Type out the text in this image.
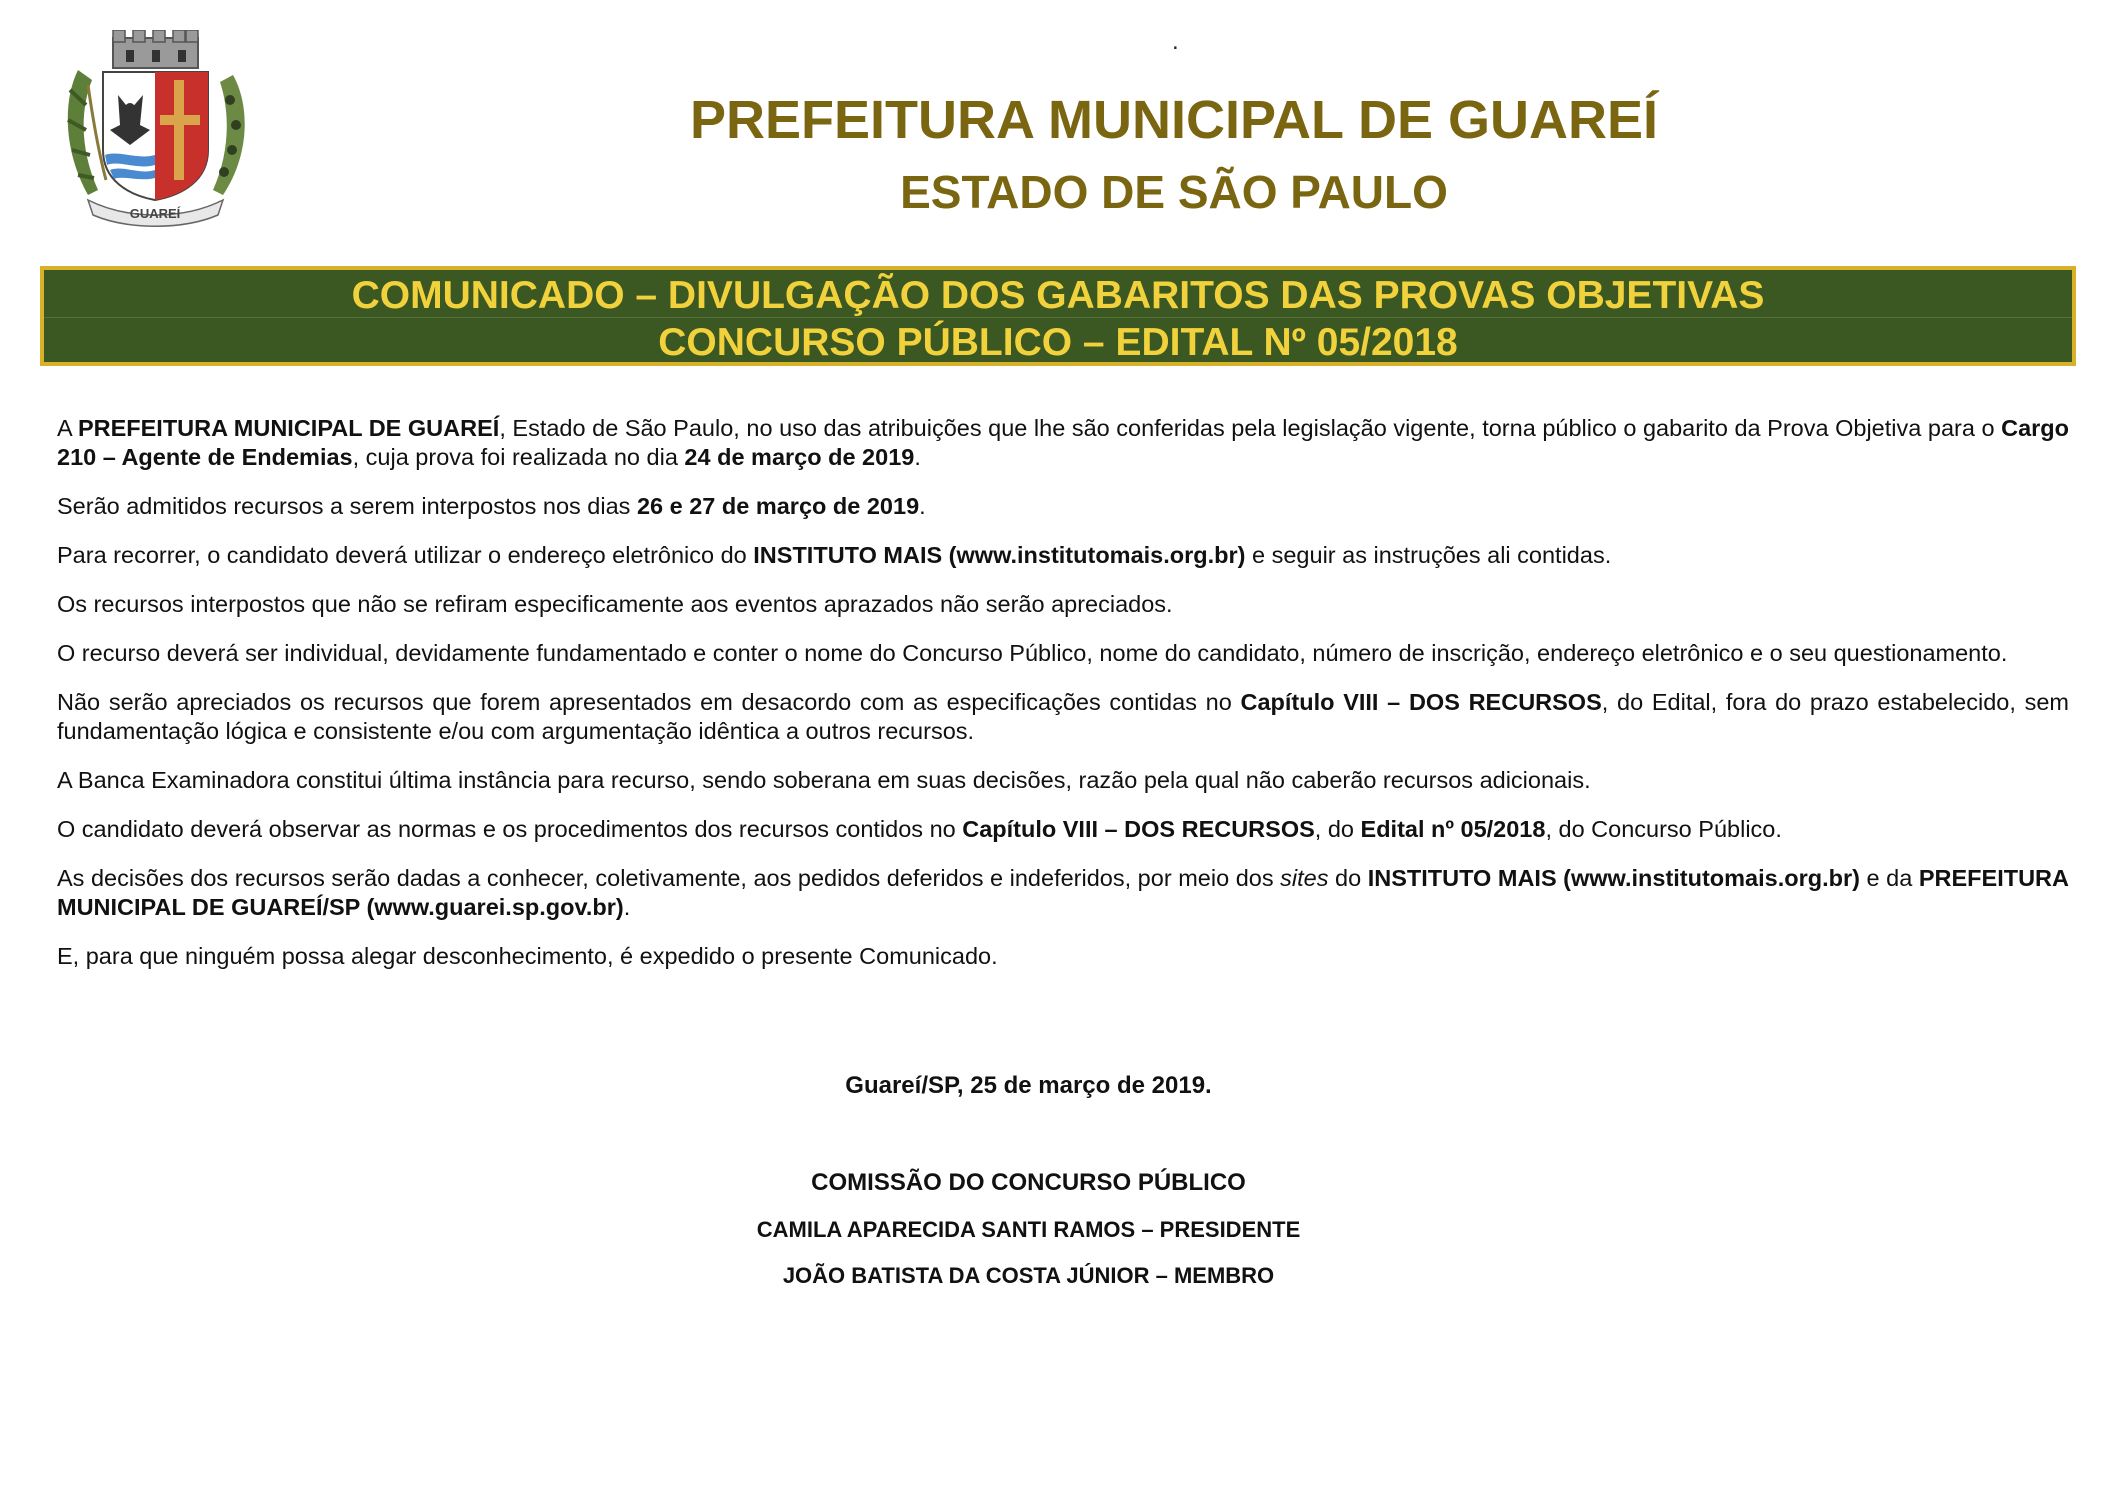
.
GUAREÍ
PREFEITURA MUNICIPAL DE GUAREÍ
ESTADO DE SÃO PAULO
COMUNICADO – DIVULGAÇÃO DOS GABARITOS DAS PROVAS OBJETIVAS
CONCURSO PÚBLICO – EDITAL Nº 05/2018

A PREFEITURA MUNICIPAL DE GUAREÍ, Estado de São Paulo, no uso das atribuições que lhe são conferidas pela legislação vigente, torna público o gabarito da Prova Objetiva para o Cargo 210 – Agente de Endemias, cuja prova foi realizada no dia 24 de março de 2019.

Serão admitidos recursos a serem interpostos nos dias 26 e 27 de março de 2019.

Para recorrer, o candidato deverá utilizar o endereço eletrônico do INSTITUTO MAIS (www.institutomais.org.br) e seguir as instruções ali contidas.

Os recursos interpostos que não se refiram especificamente aos eventos aprazados não serão apreciados.

O recurso deverá ser individual, devidamente fundamentado e conter o nome do Concurso Público, nome do candidato, número de inscrição, endereço eletrônico e o seu questionamento.

Não serão apreciados os recursos que forem apresentados em desacordo com as especificações contidas no Capítulo VIII – DOS RECURSOS, do Edital, fora do prazo estabelecido, sem fundamentação lógica e consistente e/ou com argumentação idêntica a outros recursos.

A Banca Examinadora constitui última instância para recurso, sendo soberana em suas decisões, razão pela qual não caberão recursos adicionais.

O candidato deverá observar as normas e os procedimentos dos recursos contidos no Capítulo VIII – DOS RECURSOS, do Edital nº 05/2018, do Concurso Público.

As decisões dos recursos serão dadas a conhecer, coletivamente, aos pedidos deferidos e indeferidos, por meio dos sites do INSTITUTO MAIS (www.institutomais.org.br) e da PREFEITURA MUNICIPAL DE GUAREÍ/SP (www.guarei.sp.gov.br).

E, para que ninguém possa alegar desconhecimento, é expedido o presente Comunicado.

Guareí/SP, 25 de março de 2019.
COMISSÃO DO CONCURSO PÚBLICO
CAMILA APARECIDA SANTI RAMOS – PRESIDENTE
JOÃO BATISTA DA COSTA JÚNIOR – MEMBRO
